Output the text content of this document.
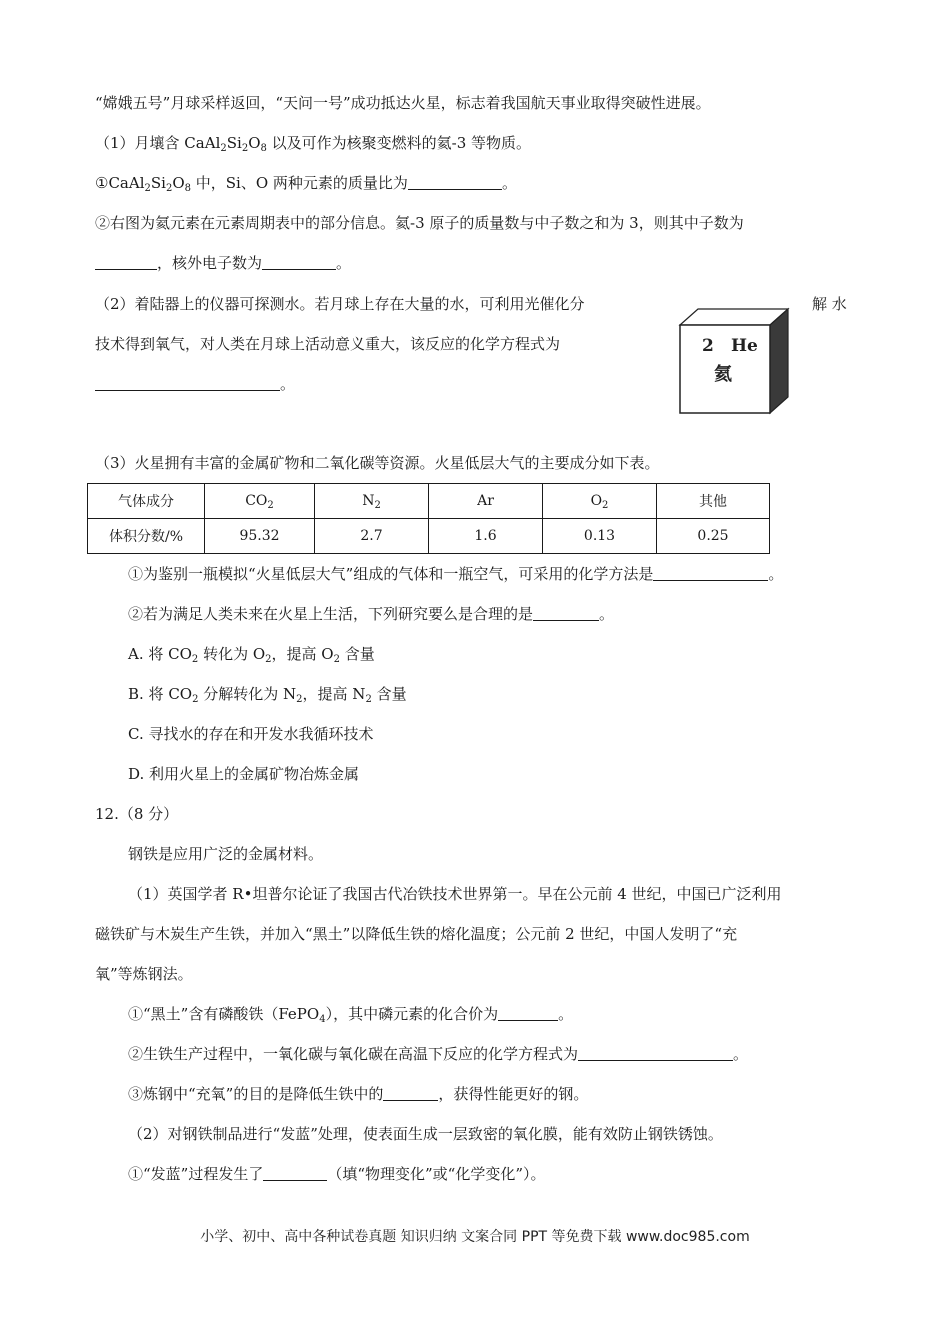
“嫦娥五号”月球采样返回，“天问一号”成功抵达火星，标志着我国航天事业取得突破性进展。
（1）月壤含 $CaAl_2Si_2O_8$ 以及可作为核聚变燃料的氦-3 等物质。
$①CaAl_2Si_2O_8$ 中，Si、O 两种元素的质量比为	。
②右图为氦元素在元素周期表中的部分信息。氦-3 原子的质量数与中子数之和为 3，则其中子数为
，核外电子数为	。
（2）着陆器上的仪器可探测水。若月球上存在大量的水，可利用光催化分	解 水
技术得到氧气，对人类在月球上活动意义重大，该反应的化学方程式为
。
2 He
氦
（3）火星拥有丰富的金属矿物和二氧化碳等资源。火星低层大气的主要成分如下表。
气体成分	$CO_2$	$N_2$	Ar	$O_2$	其他
体积分数/%	95.32	2.7	1.6	0.13	0.25
①为鉴别一瓶模拟“火星低层大气”组成的气体和一瓶空气，可采用的化学方法是	。
②若为满足人类未来在火星上生活，下列研究要么是合理的是	。
A. 将 $CO_2$ 转化为 $O_2$，提高 $O_2$ 含量
B. 将 $CO_2$ 分解转化为 $N_2$，提高 $N_2$ 含量
C. 寻找水的存在和开发水我循环技术
D. 利用火星上的金属矿物冶炼金属
12.（8 分）
钢铁是应用广泛的金属材料。
（1）英国学者 R•坦普尔论证了我国古代冶铁技术世界第一。早在公元前 4 世纪，中国已广泛利用
磁铁矿与木炭生产生铁，并加入“黑土”以降低生铁的熔化温度；公元前 2 世纪，中国人发明了“充
氧”等炼钢法。
①“黑土”含有磷酸铁（FePO$_4$），其中磷元素的化合价为	。
②生铁生产过程中，一氧化碳与氧化碳在高温下反应的化学方程式为	。
③炼钢中“充氧”的目的是降低生铁中的	，获得性能更好的钢。
（2）对钢铁制品进行“发蓝”处理，使表面生成一层致密的氧化膜，能有效防止钢铁锈蚀。
①“发蓝”过程发生了	（填“物理变化”或“化学变化”）。
小学、初中、高中各种试卷真题 知识归纳 文案合同 PPT 等免费下载 www.doc985.com
